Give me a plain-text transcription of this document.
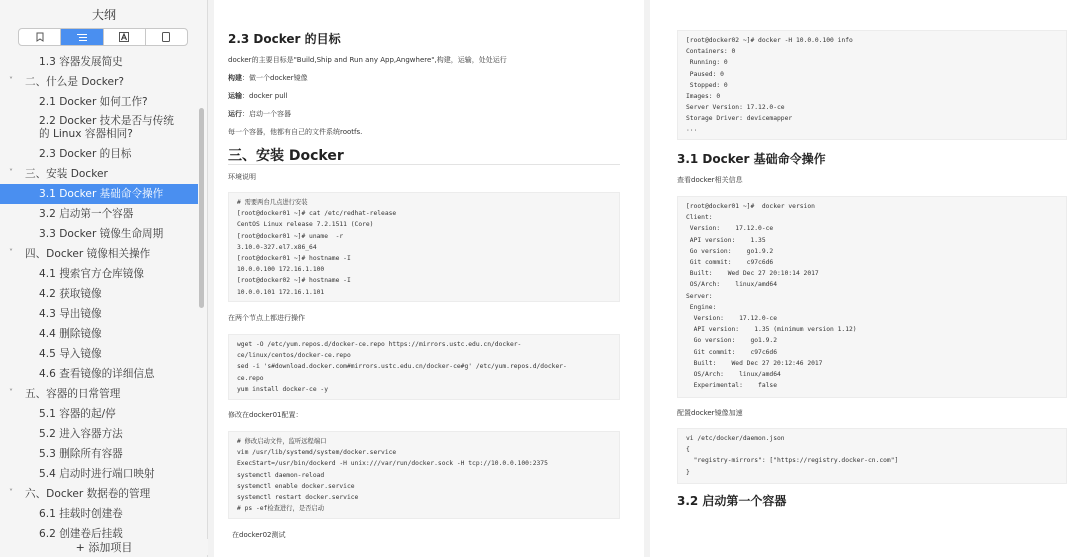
大纲
1.3 容器发展简史
˅ 二、什么是 Docker?
2.1 Docker 如何工作?
2.2 Docker 技术是否与传统的 Linux 容器相同?
2.3 Docker 的目标
˅ 三、安装 Docker
3.1 Docker 基础命令操作
3.2 启动第一个容器
3.3 Docker 镜像生命周期
˅ 四、Docker 镜像相关操作
4.1 搜索官方仓库镜像
4.2 获取镜像
4.3 导出镜像
4.4 删除镜像
4.5 导入镜像
4.6 查看镜像的详细信息
˅ 五、容器的日常管理
5.1 容器的起/停
5.2 进入容器方法
5.3 删除所有容器
5.4 启动时进行端口映射
˅ 六、Docker 数据卷的管理
6.1 挂载时创建卷
6.2 创建卷后挂载
+ 添加项目
2.3 Docker 的目标
docker的主要目标是"Build,Ship and Run any App,Angwhere",构建，运输，处处运行
构建：做一个docker镜像
运输：docker pull
运行：启动一个容器
每一个容器，他都有自己的文件系统rootfs.
三、安装 Docker
环境说明
# 需要两台几点进行安装
[root@docker01 ~]# cat /etc/redhat-release
CentOS Linux release 7.2.1511 (Core)
[root@docker01 ~]# uname  -r
3.10.0-327.el7.x86_64
[root@docker01 ~]# hostname -I
10.0.0.100 172.16.1.100
[root@docker02 ~]# hostname -I
10.0.0.101 172.16.1.101
在两个节点上都进行操作
wget -O /etc/yum.repos.d/docker-ce.repo https://mirrors.ustc.edu.cn/docker-
ce/linux/centos/docker-ce.repo
sed -i 's#download.docker.com#mirrors.ustc.edu.cn/docker-ce#g' /etc/yum.repos.d/docker-
ce.repo
yum install docker-ce -y
修改在docker01配置：
# 修改启动文件，监听远程端口
vim /usr/lib/systemd/system/docker.service
ExecStart=/usr/bin/dockerd -H unix:///var/run/docker.sock -H tcp://10.0.0.100:2375
systemctl daemon-reload
systemctl enable docker.service
systemctl restart docker.service
# ps -ef检查进行，是否启动
在docker02测试
[root@docker02 ~]# docker -H 10.0.0.100 info
Containers: 0
Running: 0
Paused: 0
Stopped: 0
Images: 0
Server Version: 17.12.0-ce
Storage Driver: devicemapper
···
3.1 Docker 基础命令操作
查看docker相关信息
[root@docker01 ~]#  docker version
Client:
Version:    17.12.0-ce
API version:    1.35
Go version:    go1.9.2
Git commit:    c97c6d6
Built:    Wed Dec 27 20:10:14 2017
OS/Arch:    linux/amd64
Server:
Engine:
Version:    17.12.0-ce
API version:    1.35 (minimum version 1.12)
Go version:    go1.9.2
Git commit:    c97c6d6
Built:    Wed Dec 27 20:12:46 2017
OS/Arch:    linux/amd64
Experimental:    false
配置docker镜像加速
vi /etc/docker/daemon.json
{
"registry-mirrors": ["https://registry.docker-cn.com"]
}
3.2 启动第一个容器
